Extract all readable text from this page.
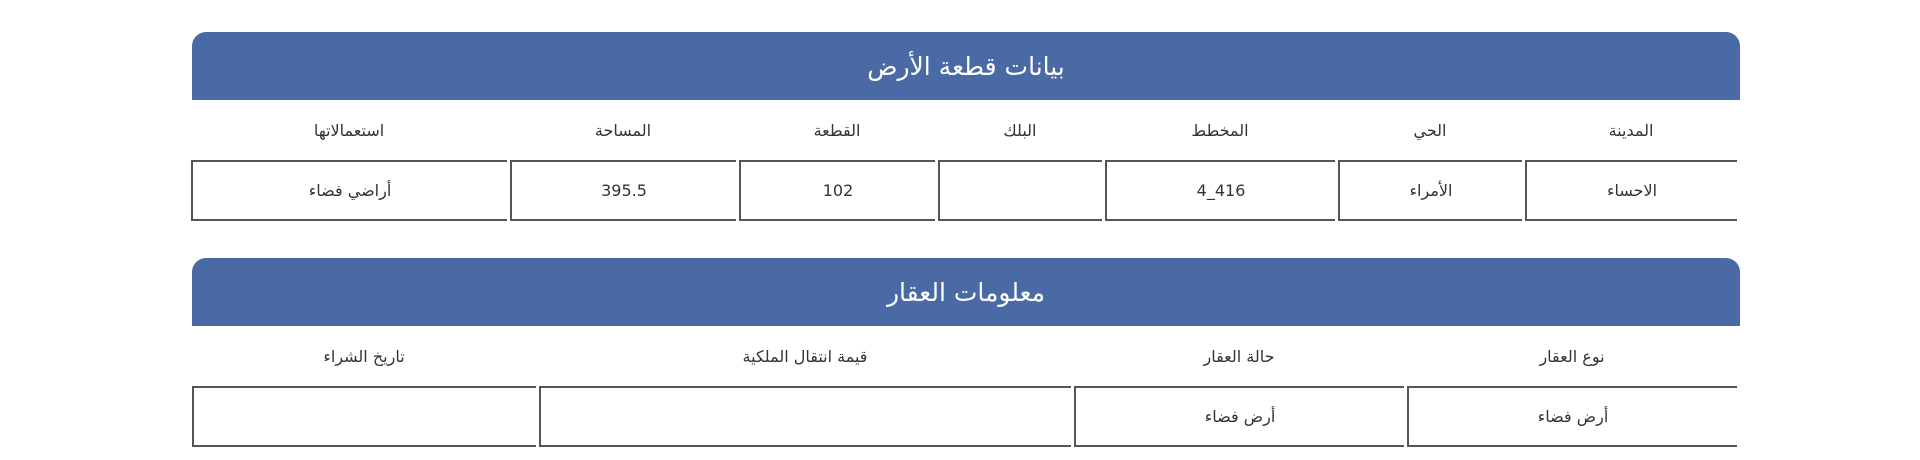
بيانات قطعة الأرض
المدينة
الحي
المخطط
البلك
القطعة
المساحة
استعمالاتها
الاحساء
الأمراء
416_4
102
395.5
أراضي فضاء
معلومات العقار
نوع العقار
حالة العقار
قيمة انتقال الملكية
تاريخ الشراء
أرض فضاء
أرض فضاء
